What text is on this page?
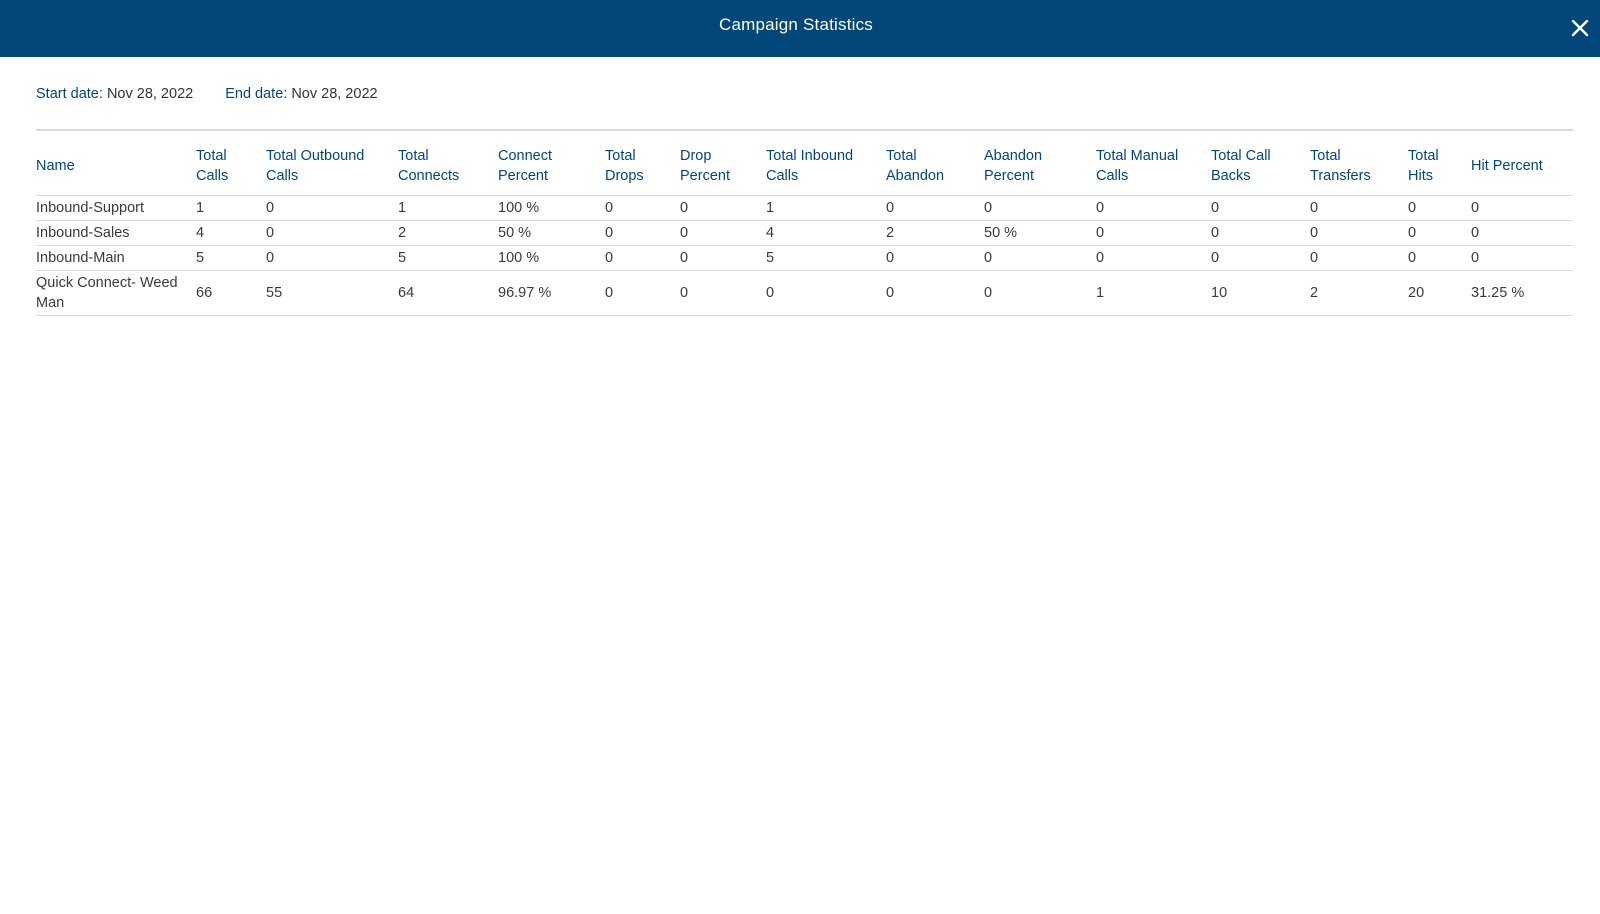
Campaign Statistics
Start date: Nov 28, 2022 End date: Nov 28, 2022
Name	Total Calls	Total Outbound Calls	Total Connects	Connect Percent	Total Drops	Drop Percent	Total Inbound Calls	Total Abandon	Abandon Percent	Total Manual Calls	Total Call Backs	Total Transfers	Total Hits	Hit Percent
Inbound-Support	1	0	1	100 %	0	0	1	0	0	0	0	0	0	0
Inbound-Sales	4	0	2	50 %	0	0	4	2	50 %	0	0	0	0	0
Inbound-Main	5	0	5	100 %	0	0	5	0	0	0	0	0	0	0
Quick Connect- Weed Man	66	55	64	96.97 %	0	0	0	0	0	1	10	2	20	31.25 %
